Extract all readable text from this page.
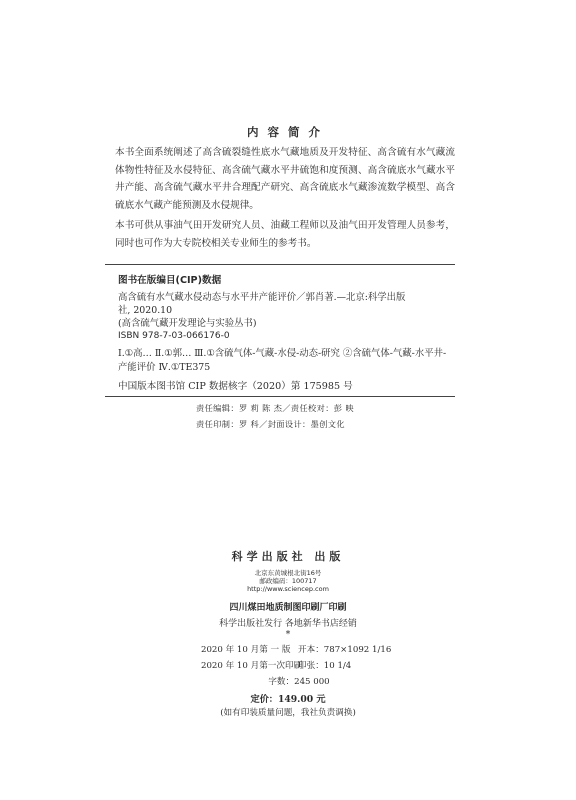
内容简介
本书全面系统阐述了高含硫裂缝性底水气藏地质及开发特征、高含硫有水气藏流体物性特征及水侵特征、高含硫气藏水平井硫饱和度预测、高含硫底水气藏水平井产能、高含硫气藏水平井合理配产研究、高含硫底水气藏渗流数学模型、高含硫底水气藏产能预测及水侵规律。
本书可供从事油气田开发研究人员、油藏工程师以及油气田开发管理人员参考，同时也可作为大专院校相关专业师生的参考书。
图书在版编目(CIP)数据
高含硫有水气藏水侵动态与水平井产能评价／郭肖著.—北京:科学出版
社, 2020.10
(高含硫气藏开发理论与实验丛书)
ISBN 978-7-03-066176-0
Ⅰ.①高… Ⅱ.①郭… Ⅲ.①含硫气体-气藏-水侵-动态-研究 ②含硫气体-气藏-水平井-产能评价 Ⅳ.①TE375
中国版本图书馆 CIP 数据核字（2020）第 175985 号
责任编辑：罗 莉 陈 杰／责任校对：彭 映
责任印制：罗 科／封面设计：墨创文化
科学出版社 出版
北京东黄城根北街16号
邮政编码：100717
http://www.sciencep.com
四川煤田地质制图印刷厂印刷
科学出版社发行 各地新华书店经销
*
2020 年 10 月第 一 版 开本：787×1092 1/16
2020 年 10 月第一次印刷
印张：10 1/4
字数：245 000
定价：149.00 元
(如有印装质量问题，我社负责调换)
